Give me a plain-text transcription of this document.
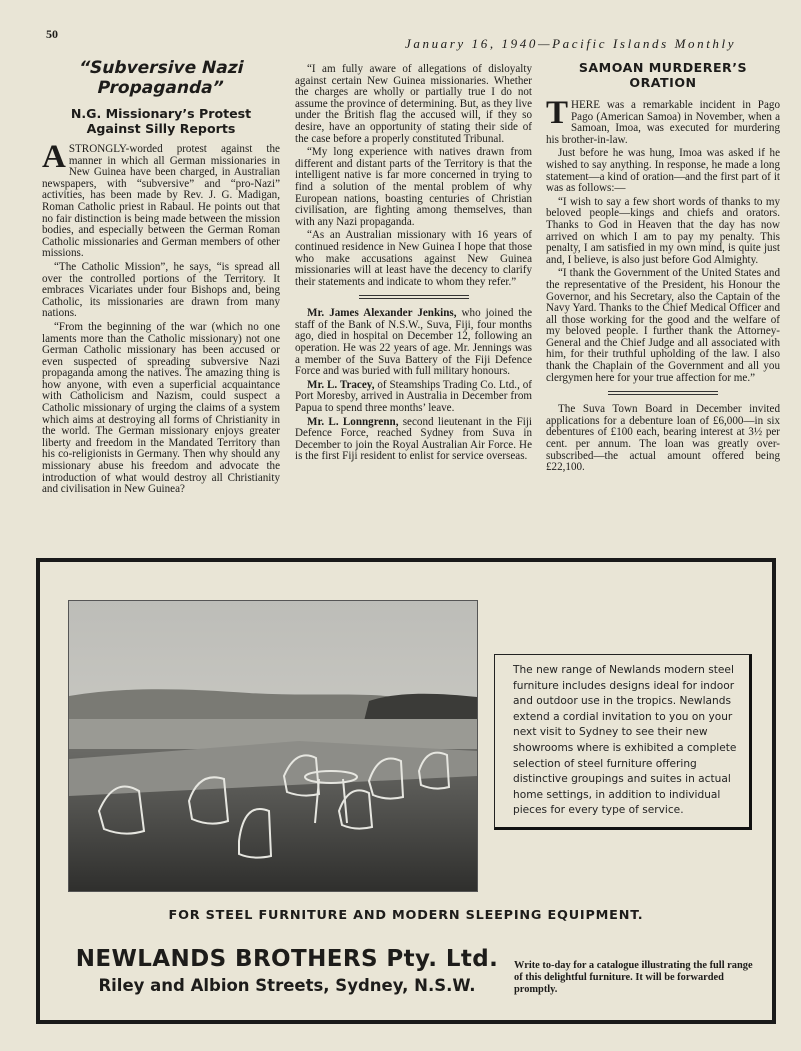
50
January 16, 1940—Pacific Islands Monthly
“Subversive Nazi Propaganda”
N.G. Missionary’s Protest Against Silly Reports

ASTRONGLY-worded protest against the manner in which all German missionaries in New Guinea have been charged, in Australian newspapers, with “subversive” and “pro-Nazi” activities, has been made by Rev. J. G. Madigan, Roman Catholic priest in Rabaul. He points out that no fair distinction is being made between the mission bodies, and especially between the German Roman Catholic missionaries and German members of other missions.

“The Catholic Mission”, he says, “is spread all over the controlled portions of the Territory. It embraces Vicariates under four Bishops and, being Catholic, its missionaries are drawn from many nations.

“From the beginning of the war (which no one laments more than the Catholic missionary) not one German Catholic missionary has been accused or even suspected of spreading subversive Nazi propaganda among the natives. The amazing thing is how anyone, with even a superficial acquaintance with Catholicism and Nazism, could suspect a Catholic missionary of urging the claims of a system which aims at destroying all forms of Christianity in the world. The German missionary enjoys greater liberty and freedom in the Mandated Territory than his co-religionists in Germany. Then why should any missionary abuse his freedom and advocate the introduction of what would destroy all Christianity and civilisation in New Guinea?

“I am fully aware of allegations of disloyalty against certain New Guinea missionaries. Whether the charges are wholly or partially true I do not assume the province of determining. But, as they live under the British flag the accused will, if they so desire, have an opportunity of stating their side of the case before a properly constituted Tribunal.

“My long experience with natives drawn from different and distant parts of the Territory is that the intelligent native is far more concerned in trying to find a solution of the mental problem of why European nations, boasting centuries of Christian civilisation, are fighting among themselves, than with any Nazi propaganda.

“As an Australian missionary with 16 years of continued residence in New Guinea I hope that those who make accusations against New Guinea missionaries will at least have the decency to clarify their statements and indicate to whom they refer.”

Mr. James Alexander Jenkins, who joined the staff of the Bank of N.S.W., Suva, Fiji, four months ago, died in hospital on December 12, following an operation. He was 22 years of age. Mr. Jennings was a member of the Suva Battery of the Fiji Defence Force and was buried with full military honours.

Mr. L. Tracey, of Steamships Trading Co. Ltd., of Port Moresby, arrived in Australia in December from Papua to spend three months’ leave.

Mr. L. Lonngrenn, second lieutenant in the Fiji Defence Force, reached Sydney from Suva in December to join the Royal Australian Air Force. He is the first Fiji resident to enlist for service overseas.

SAMOAN MURDERER’S ORATION

THERE was a remarkable incident in Pago Pago (American Samoa) in November, when a Samoan, Imoa, was executed for murdering his brother-in-law.

Just before he was hung, Imoa was asked if he wished to say anything. In response, he made a long statement—a kind of oration—and the first part of it was as follows:—

“I wish to say a few short words of thanks to my beloved people—kings and chiefs and orators. Thanks to God in Heaven that the day has now arrived on which I am to pay my penalty. This penalty, I am satisfied in my own mind, is quite just and, I believe, is also just before God Almighty.

“I thank the Government of the United States and the representative of the President, his Honour the Governor, and his Secretary, also the Captain of the Navy Yard. Thanks to the Chief Medical Officer and all those working for the good and the welfare of my beloved people. I further thank the Attorney-General and the Chief Judge and all associated with him, for their truthful upholding of the law. I also thank the Chaplain of the Government and all you clergymen here for your true affection for me.”

The Suva Town Board in December invited applications for a debenture loan of £6,000—in six debentures of £100 each, bearing interest at 3½ per cent. per annum. The loan was greatly over-subscribed—the actual amount offered being £22,100.

The new range of Newlands modern steel furniture includes designs ideal for indoor and outdoor use in the tropics. Newlands extend a cordial invitation to you on your next visit to Sydney to see their new showrooms where is exhibited a complete selection of steel furniture offering distinctive groupings and suites in actual home settings, in addition to individual pieces for every type of service.
FOR STEEL FURNITURE AND MODERN SLEEPING EQUIPMENT.
NEWLANDS BROTHERS Pty. Ltd.
Riley and Albion Streets, Sydney, N.S.W.
Write to-day for a catalogue illustrating the full range of this delightful furniture. It will be forwarded promptly.
